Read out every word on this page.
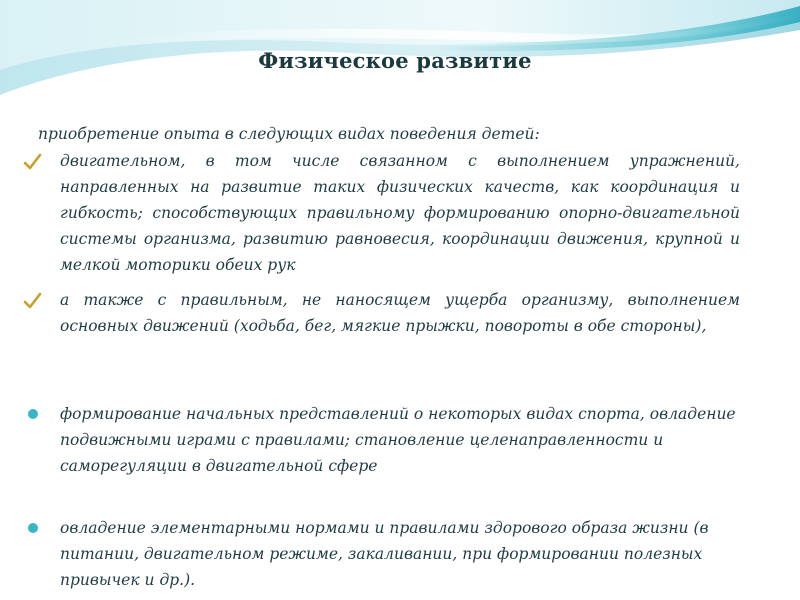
Физическое развитие
приобретение опыта в следующих видах поведения детей:
двигательном, в том числе связанном с выполнением упражнений, направленных на развитие таких физических качеств, как координация и гибкость; способствующих правильному формированию опорно-двигательной системы организма, развитию равновесия, координации движения, крупной и мелкой моторики обеих рук
а также с правильным, не наносящем ущерба организму, выполнением основных движений (ходьба, бег, мягкие прыжки, повороты в обе стороны),
формирование начальных представлений о некоторых видах спорта, овладение подвижными играми с правилами; становление целенаправленности и саморегуляции в двигательной сфере
овладение элементарными нормами и правилами здорового образа жизни (в питании, двигательном режиме, закаливании, при формировании полезных привычек и др.).
